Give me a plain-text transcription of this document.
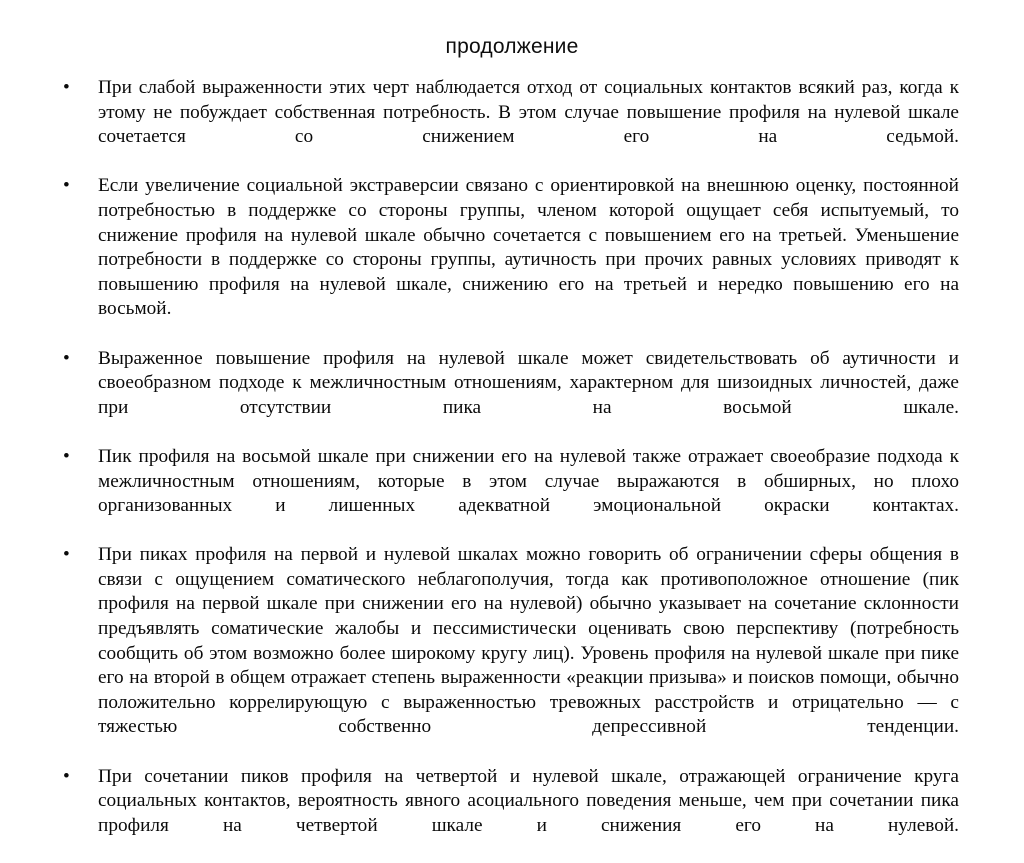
продолжение
•	При слабой выраженности этих черт наблюдается отход от социальных контактов всякий раз, когда к этому не побуждает собственная потребность. В этом случае повышение профиля на нулевой шкале сочетается со снижением его на седьмой.
•	Если увеличение социальной экстраверсии связано с ориентировкой на внешнюю оценку, постоянной потребностью в поддержке со стороны группы, членом которой ощущает себя испытуемый, то снижение профиля на нулевой шкале обычно сочетается с повышением его на третьей. Уменьшение потребности в поддержке со стороны группы, аутичность при прочих равных условиях приводят к повышению профиля на нулевой шкале, снижению его на третьей и нередко повышению его на восьмой.
•	Выраженное повышение профиля на нулевой шкале может свидетельствовать об аутичности и своеобразном подходе к межличностным отношениям, характерном для шизоидных личностей, даже при отсутствии пика на восьмой шкале.
•	Пик профиля на восьмой шкале при снижении его на нулевой также отражает своеобразие подхода к межличностным отношениям, которые в этом случае выражаются в обширных, но плохо организованных и лишенных адекватной эмоциональной окраски контактах.
•	При пиках профиля на первой и нулевой шкалах можно говорить об ограничении сферы общения в связи с ощущением соматического неблагополучия, тогда как противоположное отношение (пик профиля на первой шкале при снижении его на нулевой) обычно указывает на сочетание склонности предъявлять соматические жалобы и пессимистически оценивать свою перспективу (потребность сообщить об этом возможно более широкому кругу лиц). Уровень профиля на нулевой шкале при пике его на второй в общем отражает степень выраженности «реакции призыва» и поисков помощи, обычно положительно коррелирующую с выраженностью тревожных расстройств и отрицательно — с тяжестью собственно депрессивной тенденции.
•	При сочетании пиков профиля на четвертой и нулевой шкале, отражающей ограничение круга социальных контактов, вероятность явного асоциального поведения меньше, чем при сочетании пика профиля на четвертой шкале и снижения его на нулевой.
